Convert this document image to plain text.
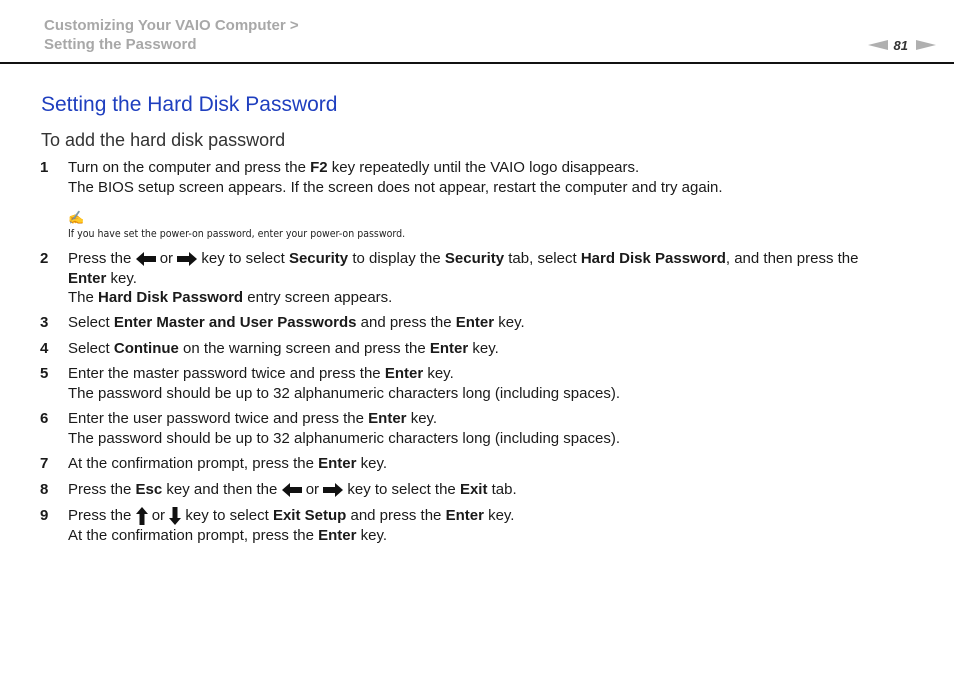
Customizing Your VAIO Computer >
Setting the Password	81
Setting the Hard Disk Password
To add the hard disk password
1	Turn on the computer and press the F2 key repeatedly until the VAIO logo disappears.
The BIOS setup screen appears. If the screen does not appear, restart the computer and try again.
✍
If you have set the power-on password, enter your power-on password.
2	Press the or key to select Security to display the Security tab, select Hard Disk Password, and then press the
Enter key.
The Hard Disk Password entry screen appears.
3	Select Enter Master and User Passwords and press the Enter key.
4	Select Continue on the warning screen and press the Enter key.
5	Enter the master password twice and press the Enter key.
The password should be up to 32 alphanumeric characters long (including spaces).
6	Enter the user password twice and press the Enter key.
The password should be up to 32 alphanumeric characters long (including spaces).
7	At the confirmation prompt, press the Enter key.
8	Press the Esc key and then the or key to select the Exit tab.
9	Press the or key to select Exit Setup and press the Enter key.
At the confirmation prompt, press the Enter key.
